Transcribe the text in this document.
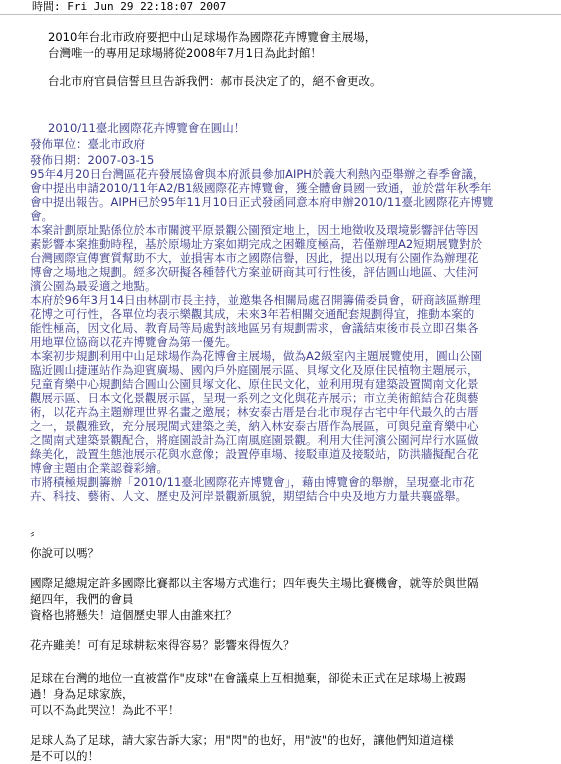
時間: Fri Jun 29 22:18:07 2007
2010年台北市政府要把中山足球場作為國際花卉博覽會主展場，
台灣唯一的專用足球場將從2008年7月1日為此封館！
台北市府官員信誓旦旦告訴我們：郝市長決定了的，絕不會更改。
2010/11臺北國際花卉博覽會在圓山！
發佈單位：臺北市政府
發佈日期：2007-03-15
95年4月20日台灣區花卉發展協會與本府派員參加AIPH於義大利熱內亞舉辦之春季會議，
會中提出申請2010/11年A2/B1級國際花卉博覽會，獲全體會員國一致通，並於當年秋季年
會中提出報告。AIPH已於95年11月10日正式發函同意本府申辦2010/11臺北國際花卉博覽
會。
本案計劃原址點係位於本市關渡平原景觀公園預定地上，因土地徵收及環境影響評估等因
素影響本案推動時程，基於原場址方案如期完成之困難度極高，若僅辦理A2短期展覽對於
台灣國際宣傳實質幫助不大，並損害本市之國際信譽，因此，提出以現有公園作為辦理花
博會之場地之規劃。經多次研擬各種替代方案並研商其可行性後，評估圓山地區、大佳河
濱公園為最妥適之地點。
本府於96年3月14日由林副市長主持，並邀集各相關局處召開籌備委員會，研商該區辦理
花博之可行性，各單位均表示樂觀其成，未來3年若相關交通配套規劃得宜，推動本案的
能性極高，因文化局、教育局等局處對該地區另有規劃需求，會議結束後市長立即召集各
用地單位協商以花卉博覽會為第一優先。
本案初步規劃利用中山足球場作為花博會主展場，做為A2級室內主題展覽使用，圓山公園
臨近圓山捷運站作為迎賓廣場、國內戶外庭園展示區、貝塚文化及原住民植物主題展示，
兒童育樂中心規劃結合圓山公園貝塚文化、原住民文化，並利用現有建築設置閩南文化景
觀展示區、日本文化景觀展示區，呈現一系列之文化與花卉展示；市立美術館結合花與藝
術，以花卉為主題辦理世界名畫之邀展；林安泰古厝是台北市現存古宅中年代最久的古厝
之一，景觀雅致，充分展現閩式建築之美，納入林安泰古厝作為展區，可與兒童育樂中心
之閩南式建築景觀配合，將庭園設計為江南風庭園景觀。利用大佳河濱公園河岸行水區做
綠美化，設置生態池展示花與水意像；設置停車場、接駁車道及接駁站，防洪牆擬配合花
博會主題由企業認養彩繪。
市將積極規劃籌辦「2010/11臺北國際花卉博覽會」，藉由博覽會的舉辦，呈現臺北市花
卉、科技、藝術、人文、歷史及河岸景觀新風貌，期望結合中央及地方力量共襄盛舉。
〞
你說可以嗎？
國際足總規定許多國際比賽都以主客場方式進行；四年喪失主場比賽機會，就等於與世隔
絕四年，我們的會員
資格也將懸失！這個歷史罪人由誰來扛？
花卉雖美！可有足球耕耘來得容易？影響來得恆久？
足球在台灣的地位一直被當作"皮球"在會議桌上互相拋棄，卻從未正式在足球場上被踢
過！身為足球家族，
可以不為此哭泣！為此不平！
足球人為了足球，請大家告訴大家；用"閃"的也好，用"波"的也好，讓他們知道這樣
是不可以的！
